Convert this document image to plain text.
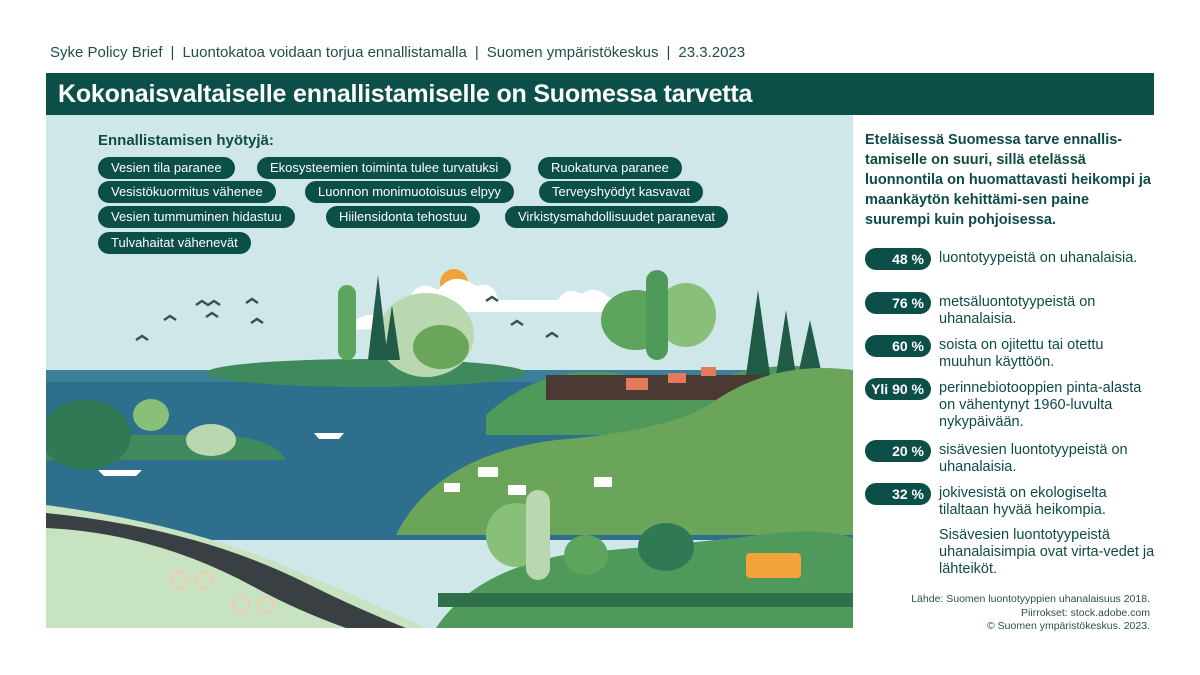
Syke Policy Brief | Luontokatoa voidaan torjua ennallistamalla | Suomen ympäristökeskus | 23.3.2023
Kokonaisvaltaiselle ennallistamiselle on Suomessa tarvetta
Ennallistamisen hyötyjä:
Vesien tila paranee	Ekosysteemien toiminta tulee turvatuksi	Ruokaturva paranee
Vesistökuormitus vähenee	Luonnon monimuotoisuus elpyy	Terveyshyödyt kasvavat
Vesien tummuminen hidastuu	Hiilensidonta tehostuu	Virkistysmahdollisuudet paranevat
Tulvahaitat vähenevät

Eteläisessä Suomessa tarve ennallis-tamiselle on suuri, sillä etelässä luonnontila on huomattavasti heikompi ja maankäytön kehittämi-sen paine suurempi kuin pohjoisessa.

48 %	luontotyypeistä on uhanalaisia.
76 %	metsäluontotyypeistä on uhanalaisia.
60 %	soista on ojitettu tai otettu muuhun käyttöön.
Yli 90 %	perinnebiotooppien pinta-alasta on vähentynyt 1960-luvulta nykypäivään.
20 %	sisävesien luontotyypeistä on uhanalaisia.
32 %	jokivesistä on ekologiselta tilaltaan hyvää heikompia.
Sisävesien luontotyypeistä uhanalaisimpia ovat virta-vedet ja lähteiköt.
Lähde: Suomen luontotyyppien uhanalaisuus 2018.
Piirrokset: stock.adobe.com
© Suomen ympäristökeskus. 2023.
